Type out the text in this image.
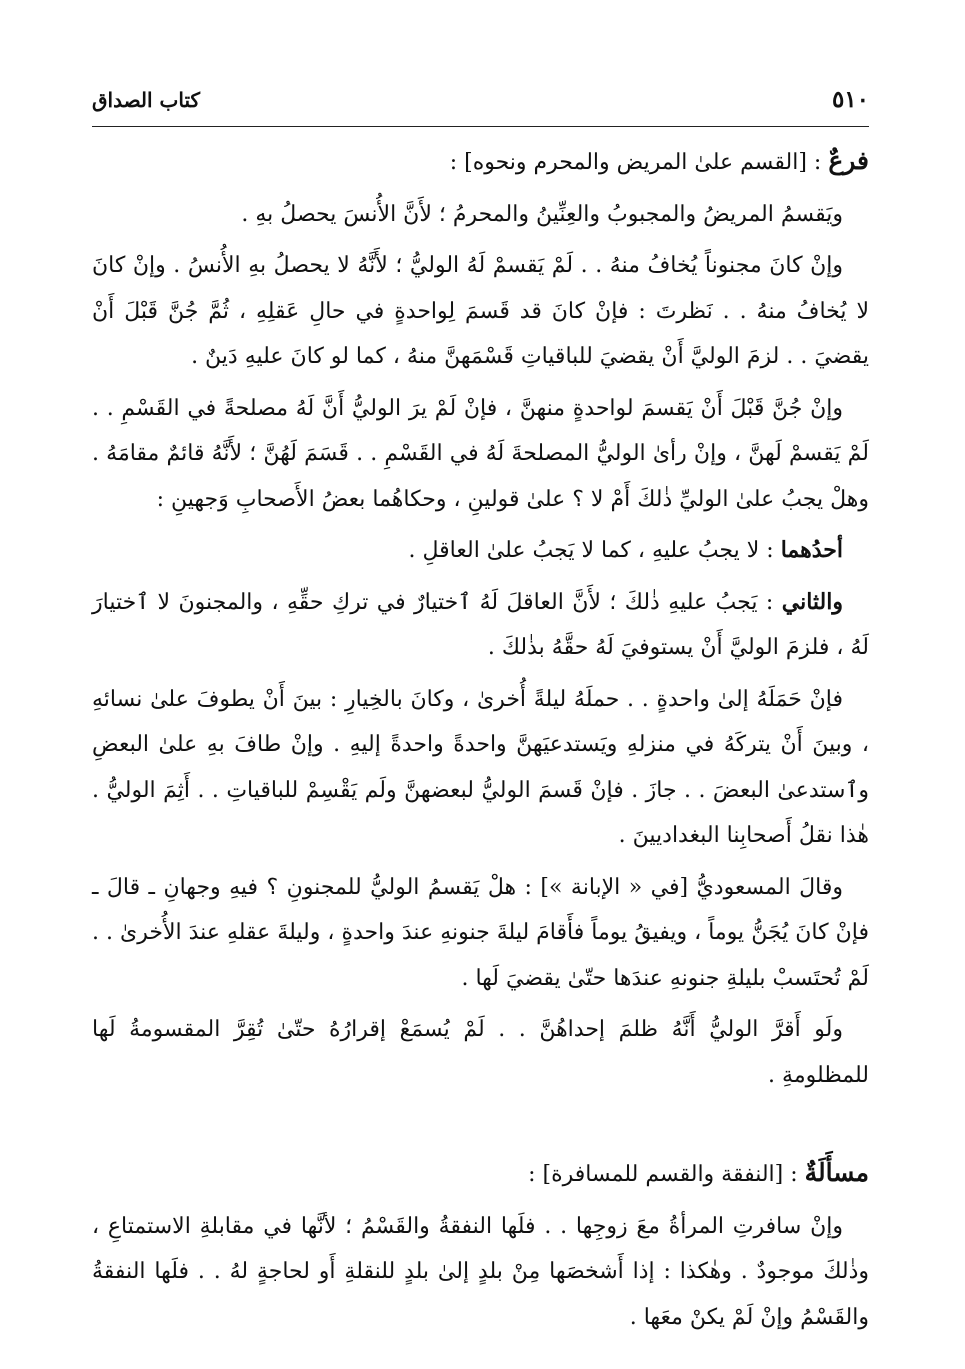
٥١٠
كتاب الصداق

فرعٌ : [القسم علىٰ المريض والمحرم ونحوه] :

ويَقسمُ المريضُ والمجبوبُ والعِنِّينُ والمحرمُ ؛ لأَنَّ الأُنسَ يحصلُ بهِ .

وإنْ كانَ مجنوناً يُخافُ منهُ . . لَمْ يَقسمْ لَهُ الوليُّ ؛ لأَنَّهُ لا يحصلُ بهِ الأُنسُ . وإنْ كانَ لا يُخافُ منهُ . . نَظرتَ : فإنْ كانَ قد قَسمَ لِواحدةٍ في حالِ عَقلِهِ ، ثُمَّ جُنَّ قَبْلَ أَنْ يقضيَ . . لزمَ الوليَّ أَنْ يقضيَ للباقياتِ قَسْمَهنَّ منهُ ، كما لو كانَ عليهِ دَينٌ .

وإنْ جُنَّ قَبْلَ أَنْ يَقسمَ لواحدةٍ منهنَّ ، فإنْ لَمْ يرَ الوليُّ أَنَّ لَهُ مصلحةً في القَسْمِ . . لَمْ يَقسمْ لَهنَّ ، وإنْ رأىٰ الوليُّ المصلحةَ لَهُ في القَسْمِ . . قَسَمَ لَهُنَّ ؛ لأَنَّهُ قائمٌ مقامَهُ . وهلْ يجبُ علىٰ الوليِّ ذٰلكَ أَمْ لا ؟ علىٰ قولينِ ، وحكاهُما بعضُ الأَصحابِ وَجهينِ :

أحدُهما : لا يجبُ عليهِ ، كما لا يَجبُ علىٰ العاقلِ .

والثاني : يَجبُ عليهِ ذٰلكَ ؛ لأَنَّ العاقلَ لَهُ ٱختيارٌ في تركِ حقِّهِ ، والمجنونَ لا ٱختيارَ لَهُ ، فلزمَ الوليَّ أَنْ يستوفيَ لَهُ حقَّهُ بذٰلكَ .

فإنْ حَمَلَهُ إلىٰ واحدةٍ . . حملَهُ ليلةً أُخرىٰ ، وكانَ بالخِيارِ : بينَ أَنْ يطوفَ علىٰ نسائهِ ، وبينَ أَنْ يتركَهُ في منزلهِ ويَستدعيَهنَّ واحدةً واحدةً إليهِ . وإنْ طافَ بهِ علىٰ البعضِ وٱستدعىٰ البعضَ . . جازَ . فإنْ قَسمَ الوليُّ لبعضهنَّ ولَم يَقْسِمْ للباقياتِ . . أَثِمَ الوليُّ . هٰذا نقلُ أَصحابِنا البغداديينَ .

وقالَ المسعوديُّ [في « الإبانة »] : هلْ يَقسمُ الوليُّ للمجنونِ ؟ فيهِ وجهانِ ـ قالَ ـ فإنْ كانَ يُجَنُّ يوماً ، ويفيقُ يوماً فأَقامَ ليلةَ جنونهِ عندَ واحدةٍ ، وليلةَ عقلهِ عندَ الأُخرىٰ . . لَمْ تُحتَسبْ بليلةِ جنونهِ عندَها حتّىٰ يقضيَ لَها .

ولَو أَقرَّ الوليُّ أَنَّهُ ظلمَ إحداهُنَّ . . لَمْ يُسمَعْ إقرارُهُ حتّىٰ تُقِرَّ المقسومةُ لَها للمظلومةِ .

مسأَلَةٌ : [النفقة والقسم للمسافرة] :

وإنْ سافرتِ المرأةُ معَ زوجِها . . فلَها النفقةُ والقَسْمُ ؛ لأنَّها في مقابلةِ الاستمتاعِ ، وذٰلكَ موجودٌ . وهٰكذا : إذا أَشخصَها مِنْ بلدٍ إلىٰ بلدٍ للنقلةِ أَو لحاجةٍ لهُ . . فلَها النفقةُ والقَسْمُ وإنْ لَمْ يكنْ معَها .
